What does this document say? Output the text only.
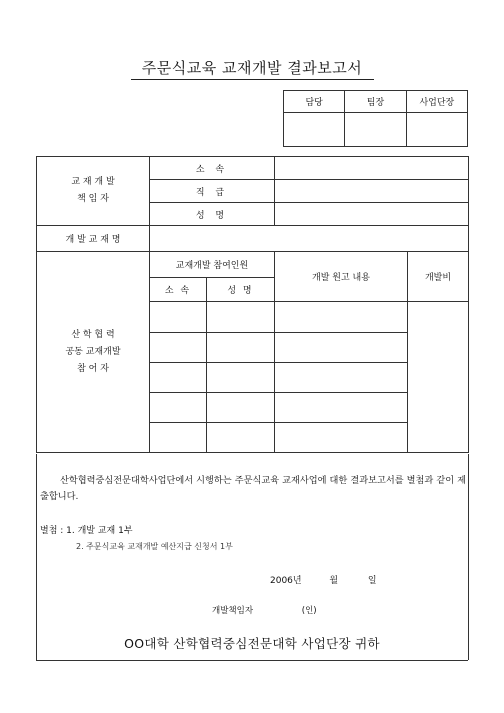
주문식교육 교재개발 결과보고서
담당	팀장	사업단장

교 재 개 발
책 임 자	소 속			
	직 급			
	성 명			
개 발 교 재 명				

산 학 협 력
공동 교재개발
참 어 자	교재개발 참여인원		개발 원고 내용	개발비
	소 속	성 명		

산학협력중심전문대학사업단에서 시행하는 주문식교육 교재사업에 대한 결과보고서를 별첨과 같이 제출합니다.
별첨 : 1. 개발 교재 1부
2. 주문식교육 교재개발 예산지급 신청서 1부
2006년	월	일
개발책임자	(인)
OO대학 산학협력중심전문대학 사업단장 귀하
